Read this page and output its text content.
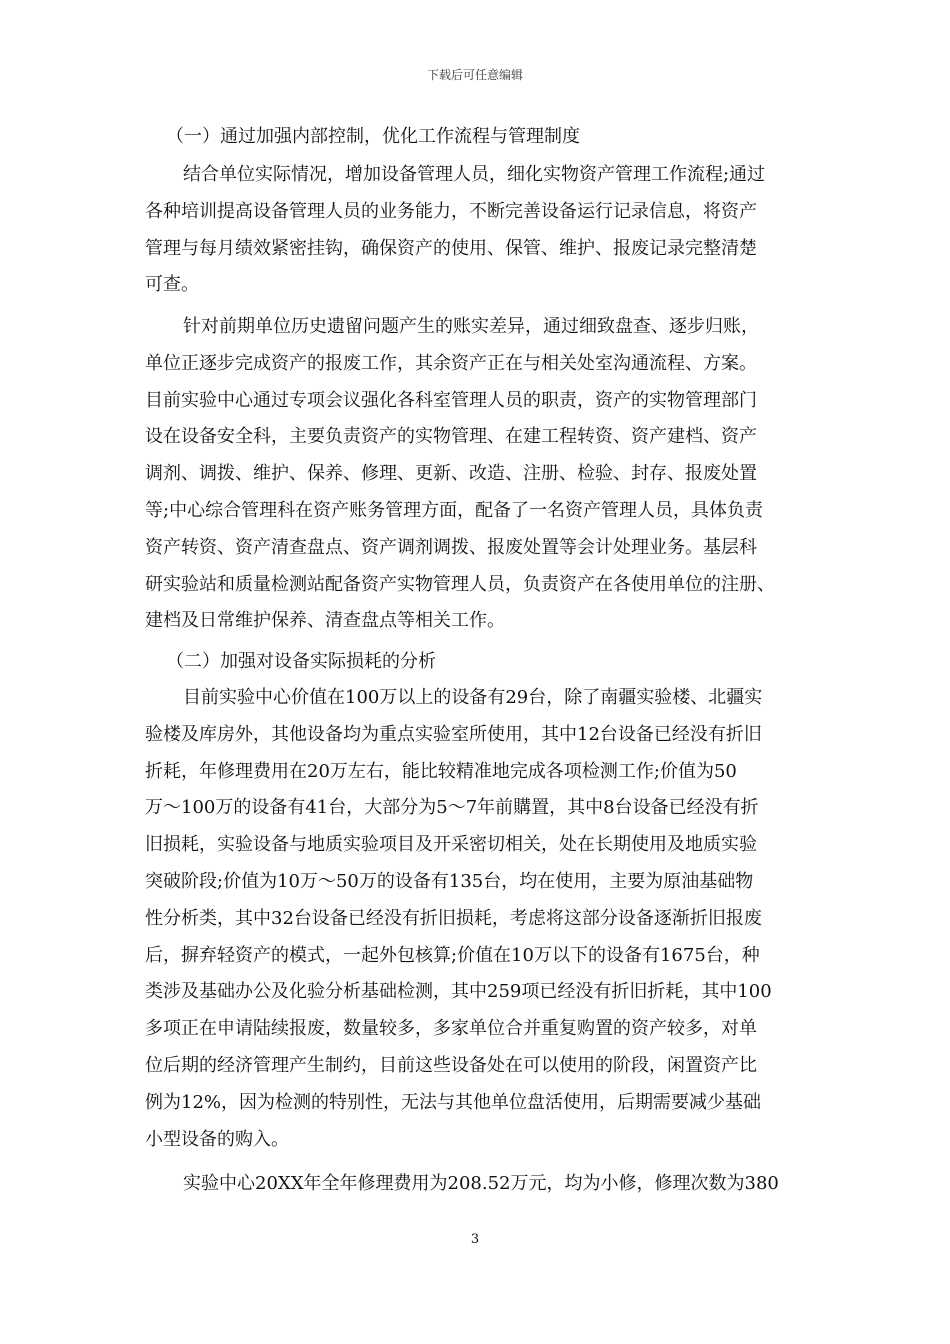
下载后可任意编辑
（一）通过加强内部控制，优化工作流程与管理制度
结合单位实际情况，增加设备管理人员，细化实物资产管理工作流程;通过
各种培训提高设备管理人员的业务能力，不断完善设备运行记录信息，将资产
管理与每月绩效紧密挂钩，确保资产的使用、保管、维护、报废记录完整清楚
可查。
针对前期单位历史遗留问题产生的账实差异，通过细致盘查、逐步归账，
单位正逐步完成资产的报废工作，其余资产正在与相关处室沟通流程、方案。
目前实验中心通过专项会议强化各科室管理人员的职责，资产的实物管理部门
设在设备安全科，主要负责资产的实物管理、在建工程转资、资产建档、资产
调剂、调拨、维护、保养、修理、更新、改造、注册、检验、封存、报废处置
等;中心综合管理科在资产账务管理方面，配备了一名资产管理人员，具体负责
资产转资、资产清查盘点、资产调剂调拨、报废处置等会计处理业务。基层科
研实验站和质量检测站配备资产实物管理人员，负责资产在各使用单位的注册、
建档及日常维护保养、清查盘点等相关工作。
（二）加强对设备实际损耗的分析
目前实验中心价值在100万以上的设备有29台，除了南疆实验楼、北疆实
验楼及库房外，其他设备均为重点实验室所使用，其中12台设备已经没有折旧
折耗，年修理费用在20万左右，能比较精准地完成各项检测工作;价值为50
万～100万的设备有41台，大部分为5～7年前購置，其中8台设备已经没有折
旧损耗，实验设备与地质实验项目及开采密切相关，处在长期使用及地质实验
突破阶段;价值为10万～50万的设备有135台，均在使用，主要为原油基础物
性分析类，其中32台设备已经没有折旧损耗，考虑将这部分设备逐渐折旧报废
后，摒弃轻资产的模式，一起外包核算;价值在10万以下的设备有1675台，种
类涉及基础办公及化验分析基础检测，其中259项已经没有折旧折耗，其中100
多项正在申请陆续报废，数量较多，多家单位合并重复购置的资产较多，对单
位后期的经济管理产生制约，目前这些设备处在可以使用的阶段，闲置资产比
例为12%，因为检测的特别性，无法与其他单位盘活使用，后期需要减少基础
小型设备的购入。
实验中心20XX年全年修理费用为208.52万元，均为小修，修理次数为380
3
